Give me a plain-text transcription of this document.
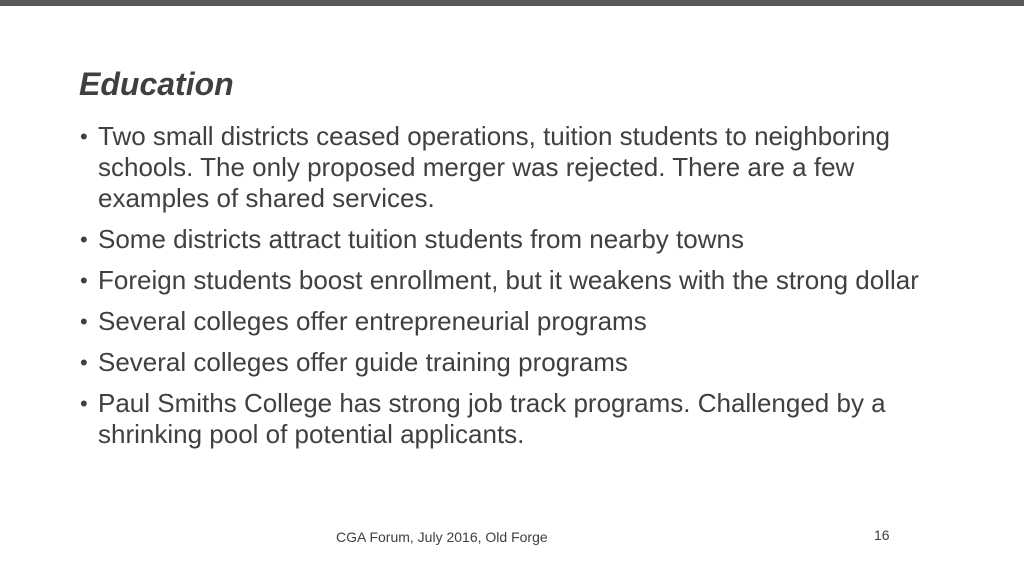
Education
• Two small districts ceased operations, tuition students to neighboring schools. The only proposed merger was rejected. There are a few examples of shared services.
• Some districts attract tuition students from nearby towns
• Foreign students boost enrollment, but it weakens with the strong dollar
• Several colleges offer entrepreneurial programs
• Several colleges offer guide training programs
• Paul Smiths College has strong job track programs. Challenged by a shrinking pool of potential applicants.
CGA Forum, July 2016, Old Forge	16
